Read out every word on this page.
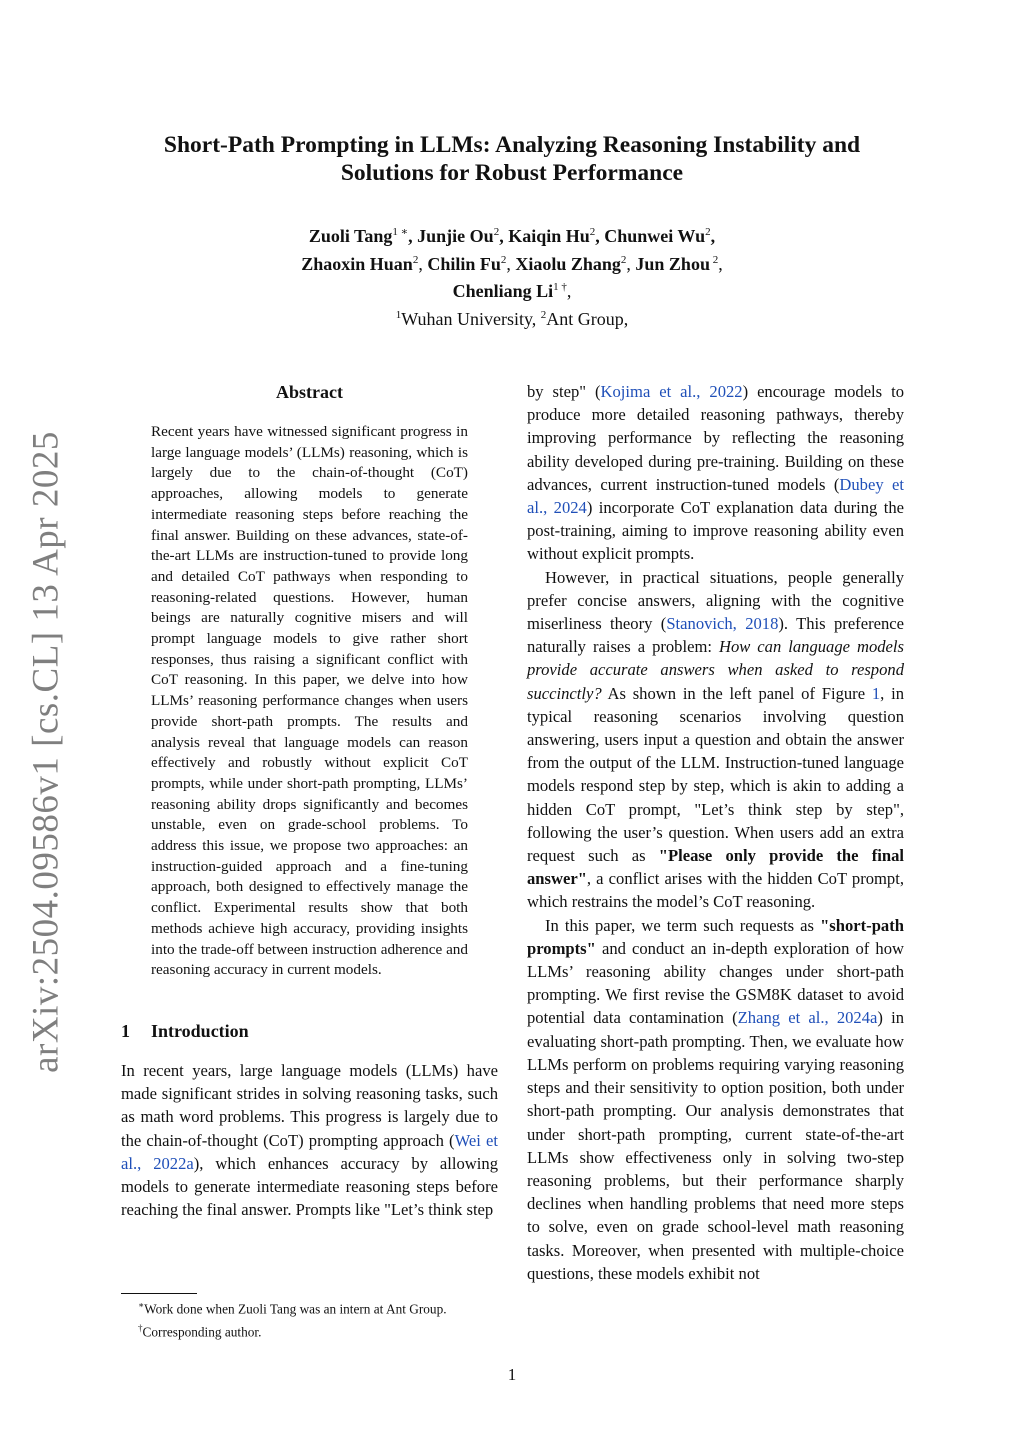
arXiv:2504.09586v1 [cs.CL] 13 Apr 2025
Short-Path Prompting in LLMs: Analyzing Reasoning Instability and
Solutions for Robust Performance
Zuoli Tang$^{1 ∗}$, Junjie Ou$^2$, Kaiqin Hu$^2$, Chunwei Wu$^2$,
Zhaoxin Huan$^2$, Chilin Fu$^2$, Xiaolu Zhang$^2$, Jun Zhou $^2$,
Chenliang $Li^{1 \dagger}$,
$^1$Wuhan University, $^2$Ant Group,
Abstract

Recent years have witnessed significant progress in large language models’ (LLMs) reasoning, which is largely due to the chain-of-thought (CoT) approaches, allowing models to generate intermediate reasoning steps before reaching the final answer. Building on these advances, state-of-the-art LLMs are instruction-tuned to provide long and detailed CoT pathways when responding to reasoning-related questions. However, human beings are naturally cognitive misers and will prompt language models to give rather short responses, thus raising a significant conflict with CoT reasoning. In this paper, we delve into how LLMs’ reasoning performance changes when users provide short-path prompts. The results and analysis reveal that language models can reason effectively and robustly without explicit CoT prompts, while under short-path prompting, LLMs’ reasoning ability drops significantly and becomes unstable, even on grade-school problems. To address this issue, we propose two approaches: an instruction-guided approach and a fine-tuning approach, both designed to effectively manage the conflict. Experimental results show that both methods achieve high accuracy, providing insights into the trade-off between instruction adherence and reasoning accuracy in current models.

1 Introduction

In recent years, large language models (LLMs) have made significant strides in solving reasoning tasks, such as math word problems. This progress is largely due to the chain-of-thought (CoT) prompting approach (Wei et al., 2022a), which enhances accuracy by allowing models to generate intermediate reasoning steps before reaching the final answer. Prompts like "Let’s think step

by step" (Kojima et al., 2022) encourage models to produce more detailed reasoning pathways, thereby improving performance by reflecting the reasoning ability developed during pre-training. Building on these advances, current instruction-tuned models (Dubey et al., 2024) incorporate CoT explanation data during the post-training, aiming to improve reasoning ability even without explicit prompts.

However, in practical situations, people generally prefer concise answers, aligning with the cognitive miserliness theory (Stanovich, 2018). This preference naturally raises a problem: How can language models provide accurate answers when asked to respond succinctly? As shown in the left panel of Figure 1, in typical reasoning scenarios involving question answering, users input a question and obtain the answer from the output of the LLM. Instruction-tuned language models respond step by step, which is akin to adding a hidden CoT prompt, "Let’s think step by step", following the user’s question. When users add an extra request such as "Please only provide the final answer", a conflict arises with the hidden CoT prompt, which restrains the model’s CoT reasoning.

In this paper, we term such requests as "short-path prompts" and conduct an in-depth exploration of how LLMs’ reasoning ability changes under short-path prompting. We first revise the GSM8K dataset to avoid potential data contamination (Zhang et al., 2024a) in evaluating short-path prompting. Then, we evaluate how LLMs perform on problems requiring varying reasoning steps and their sensitivity to option position, both under short-path prompting. Our analysis demonstrates that under short-path prompting, current state-of-the-art LLMs show effectiveness only in solving two-step reasoning problems, but their performance sharply declines when handling problems that need more steps to solve, even on grade school-level math reasoning tasks. Moreover, when presented with multiple-choice questions, these models exhibit not

∗Work done when Zuoli Tang was an intern at Ant Group.
†Corresponding author.
1
